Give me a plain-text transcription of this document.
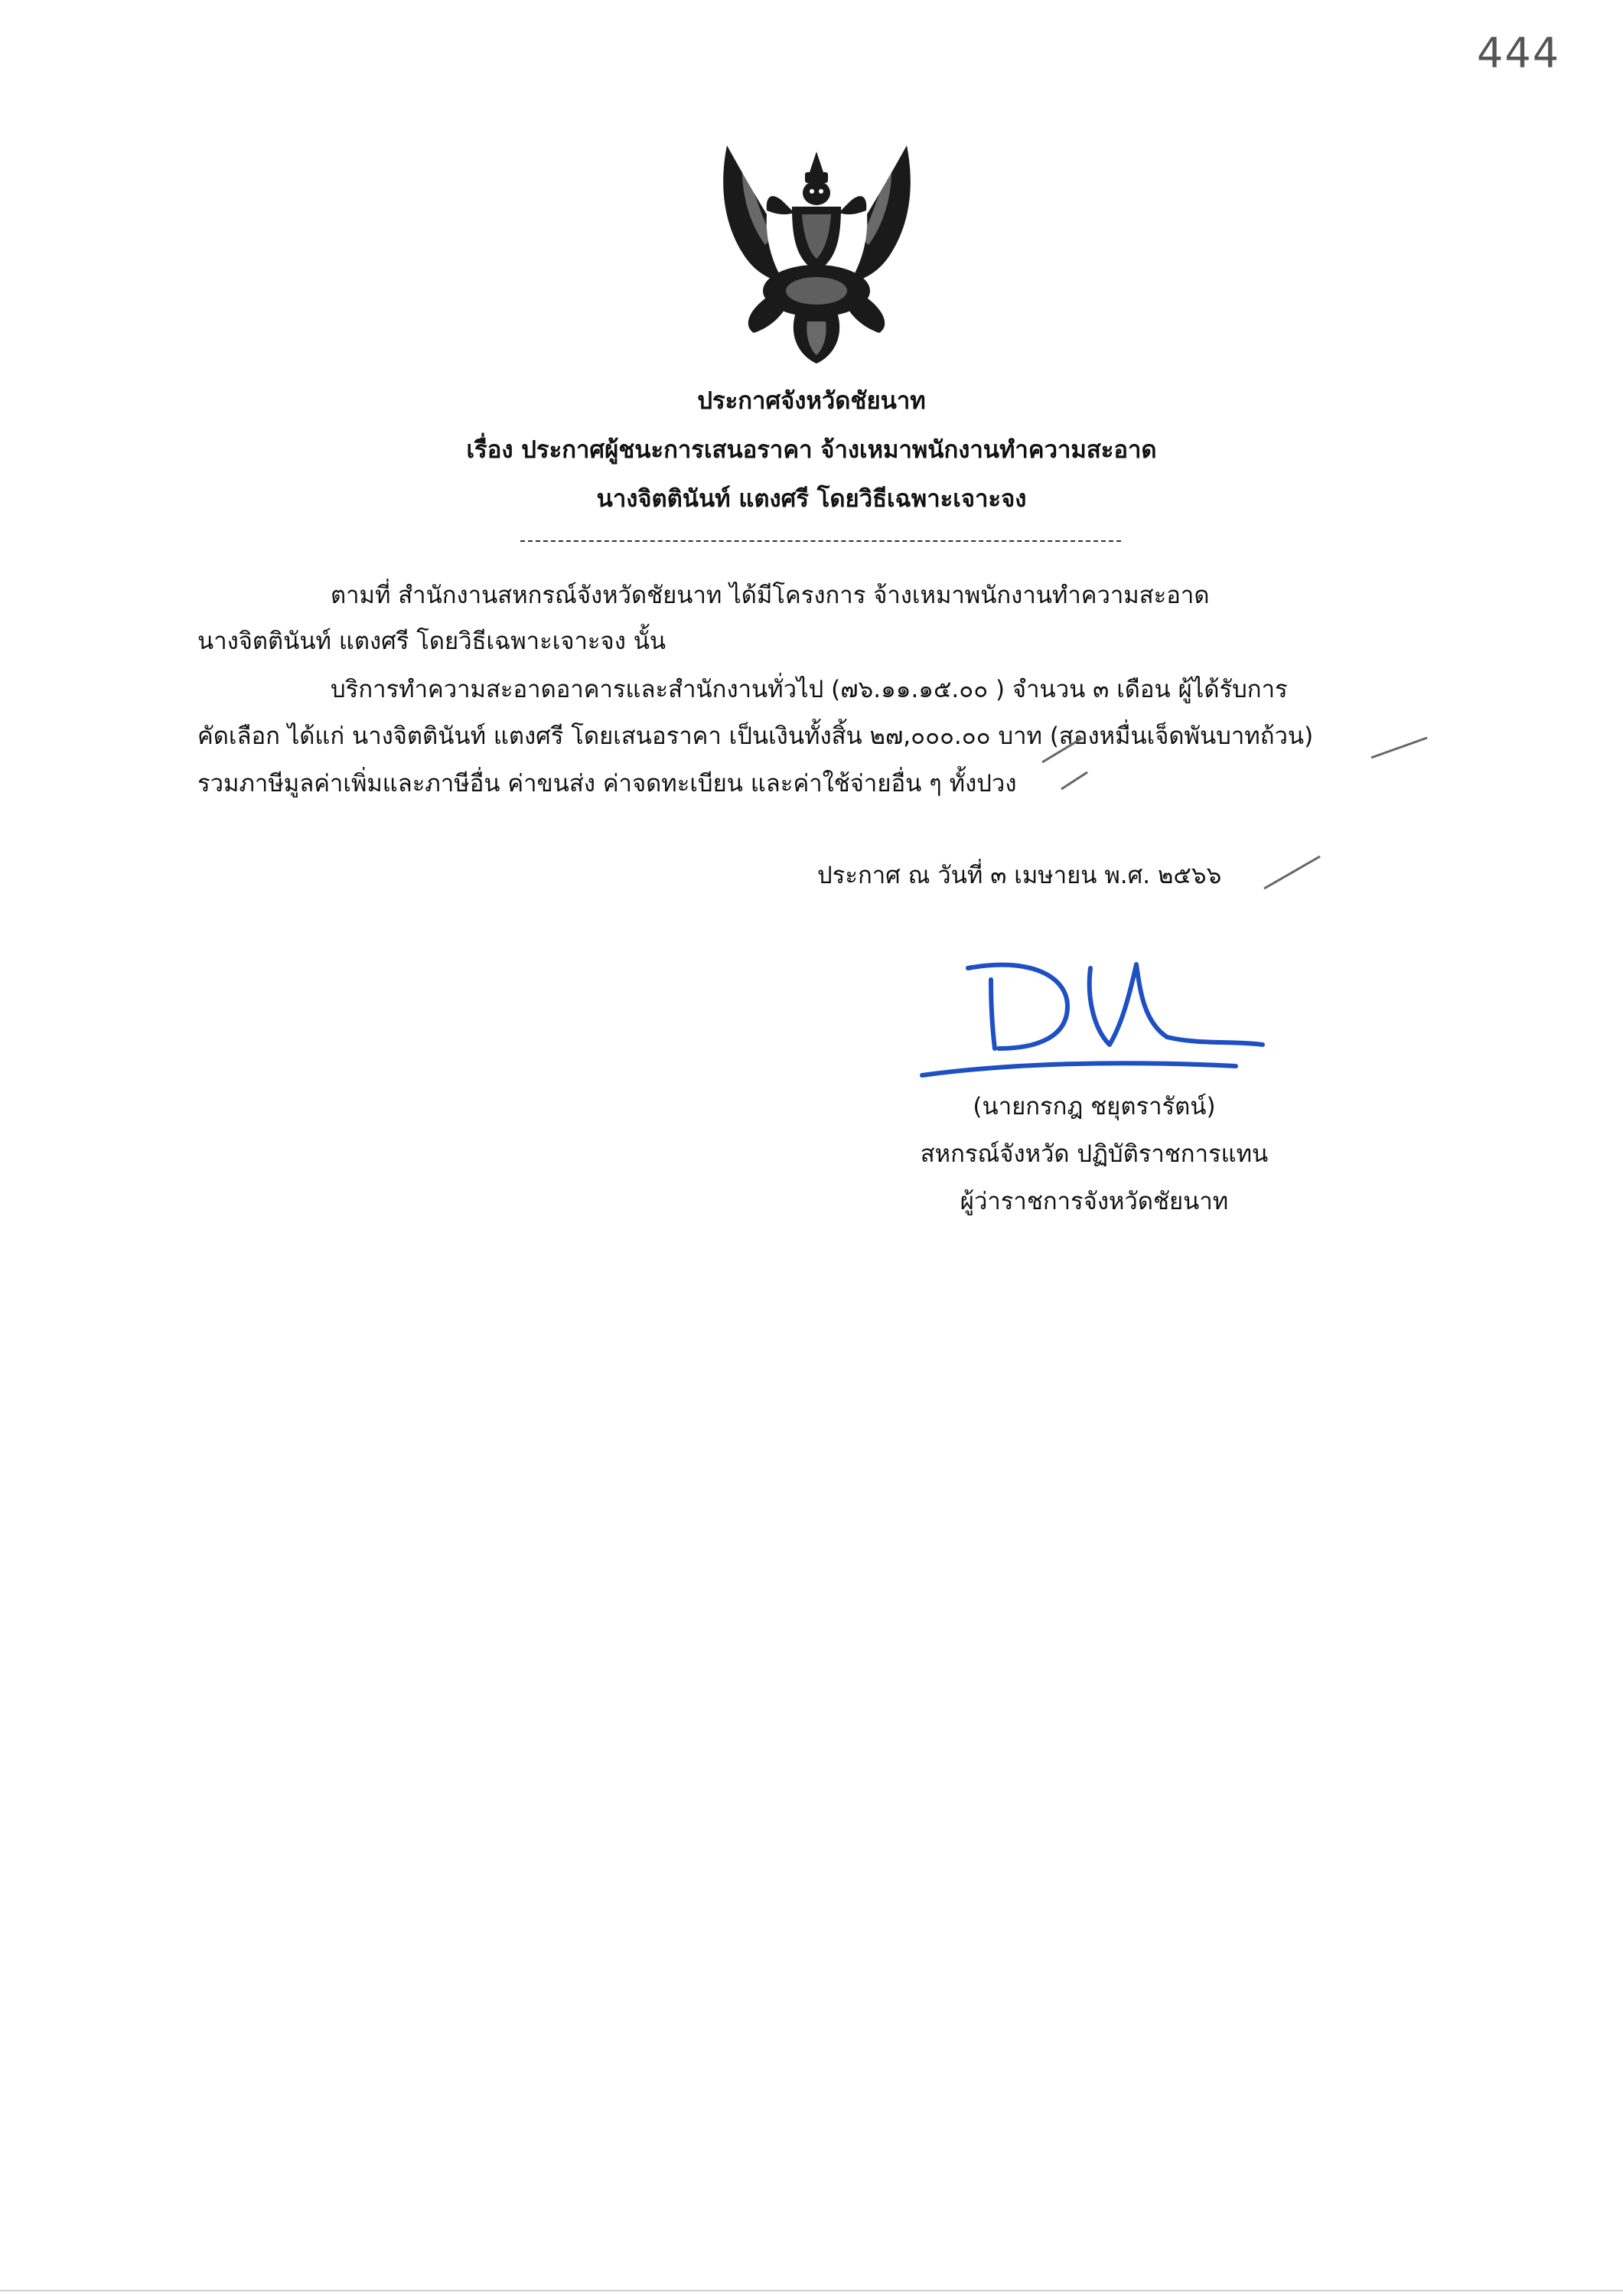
444
ประกาศจังหวัดชัยนาท
เรื่อง ประกาศผู้ชนะการเสนอราคา จ้างเหมาพนักงานทำความสะอาด
นางจิตตินันท์ แตงศรี โดยวิธีเฉพาะเจาะจง
ตามที่ สำนักงานสหกรณ์จังหวัดชัยนาท ได้มีโครงการ จ้างเหมาพนักงานทำความสะอาด
นางจิตตินันท์ แตงศรี โดยวิธีเฉพาะเจาะจง นั้น
บริการทำความสะอาดอาคารและสำนักงานทั่วไป (๗๖.๑๑.๑๕.๐๐ ) จำนวน ๓ เดือน ผู้ได้รับการ
คัดเลือก ได้แก่ นางจิตตินันท์ แตงศรี โดยเสนอราคา เป็นเงินทั้งสิ้น ๒๗,๐๐๐.๐๐ บาท (สองหมื่นเจ็ดพันบาทถ้วน)
รวมภาษีมูลค่าเพิ่มและภาษีอื่น ค่าขนส่ง ค่าจดทะเบียน และค่าใช้จ่ายอื่น ๆ ทั้งปวง
ประกาศ ณ วันที่ ๓ เมษายน พ.ศ. ๒๕๖๖
(นายกรกฎ ชยุตรารัตน์)
สหกรณ์จังหวัด ปฏิบัติราชการแทน
ผู้ว่าราชการจังหวัดชัยนาท
